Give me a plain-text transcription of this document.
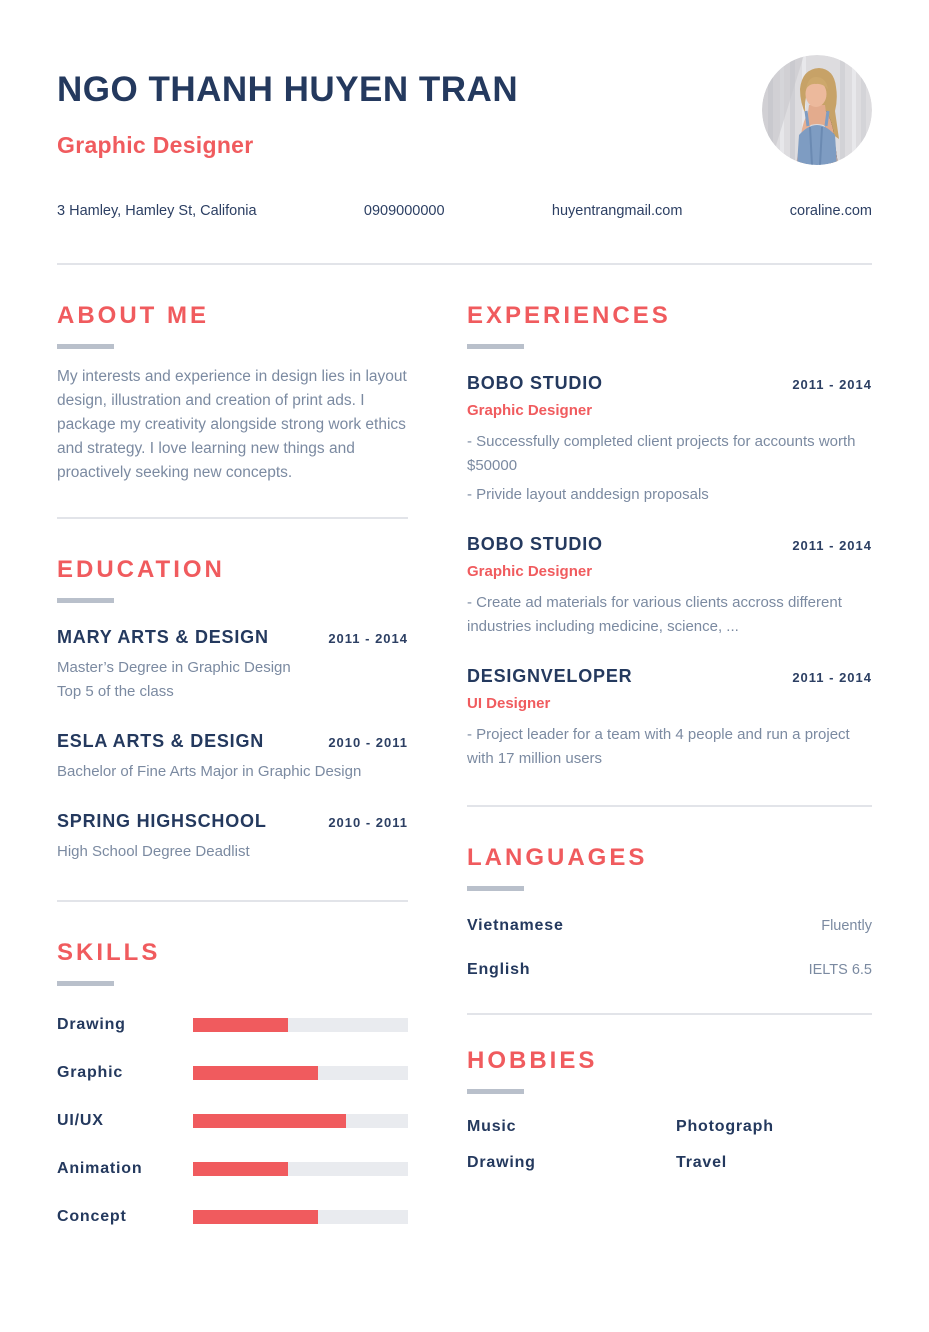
NGO THANH HUYEN TRAN
Graphic Designer
3 Hamley, Hamley St, Califonia	0909000000	huyentrangmail.com	coraline.com
ABOUT ME

My interests and experience in design lies in layout design, illustration and creation of print ads. I package my creativity alongside strong work ethics and strategy. I love learning new things and proactively seeking new concepts.

EDUCATION
MARY ARTS & DESIGN	2011 - 2014
Master’s Degree in Graphic Design
Top 5 of the class
ESLA ARTS & DESIGN	2010 - 2011
Bachelor of Fine Arts Major in Graphic Design
SPRING HIGHSCHOOL	2010 - 2011
High School Degree Deadlist
SKILLS
Drawing
Graphic
UI/UX
Animation
Concept
EXPERIENCES
BOBO STUDIO	2011 - 2014
Graphic Designer
- Successfully completed client projects for accounts worth $50000
- Privide layout anddesign proposals
BOBO STUDIO	2011 - 2014
Graphic Designer
- Create ad materials for various clients accross different industries including medicine, science, ...
DESIGNVELOPER	2011 - 2014
UI Designer
- Project leader for a team with 4 people and run a project with 17 million users
LANGUAGES
Vietnamese	Fluently
English	IELTS 6.5
HOBBIES
Music	Photograph
Drawing	Travel
